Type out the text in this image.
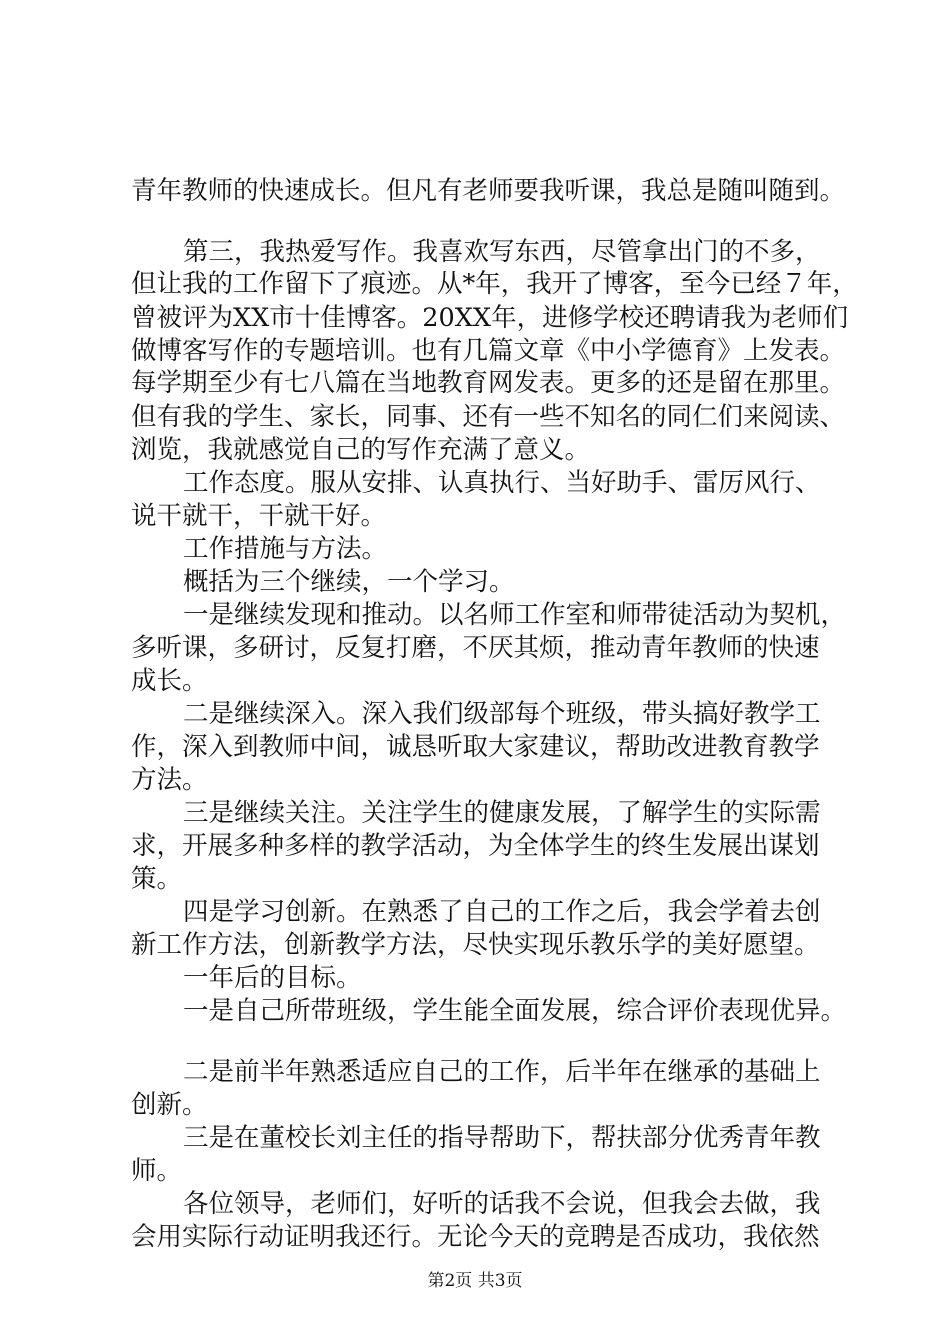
青年教师的快速成长。但凡有老师要我听课，我总是随叫随到。
第三，我热爱写作。我喜欢写东西，尽管拿出门的不多，
但让我的工作留下了痕迹。从*年，我开了博客，至今已经７年，
曾被评为XX市十佳博客。20XX年，进修学校还聘请我为老师们
做博客写作的专题培训。也有几篇文章《中小学德育》上发表。
每学期至少有七八篇在当地教育网发表。更多的还是留在那里。
但有我的学生、家长，同事、还有一些不知名的同仁们来阅读、
浏览，我就感觉自己的写作充满了意义。
工作态度。服从安排、认真执行、当好助手、雷厉风行、
说干就干，干就干好。
工作措施与方法。
概括为三个继续，一个学习。
一是继续发现和推动。以名师工作室和师带徒活动为契机，
多听课，多研讨，反复打磨，不厌其烦，推动青年教师的快速
成长。
二是继续深入。深入我们级部每个班级，带头搞好教学工
作，深入到教师中间，诚恳听取大家建议，帮助改进教育教学
方法。
三是继续关注。关注学生的健康发展，了解学生的实际需
求，开展多种多样的教学活动，为全体学生的终生发展出谋划
策。
四是学习创新。在熟悉了自己的工作之后，我会学着去创
新工作方法，创新教学方法，尽快实现乐教乐学的美好愿望。
一年后的目标。
一是自己所带班级，学生能全面发展，综合评价表现优异。
二是前半年熟悉适应自己的工作，后半年在继承的基础上
创新。
三是在董校长刘主任的指导帮助下，帮扶部分优秀青年教
师。
各位领导，老师们，好听的话我不会说，但我会去做，我
会用实际行动证明我还行。无论今天的竞聘是否成功，我依然
第2页 共3页
